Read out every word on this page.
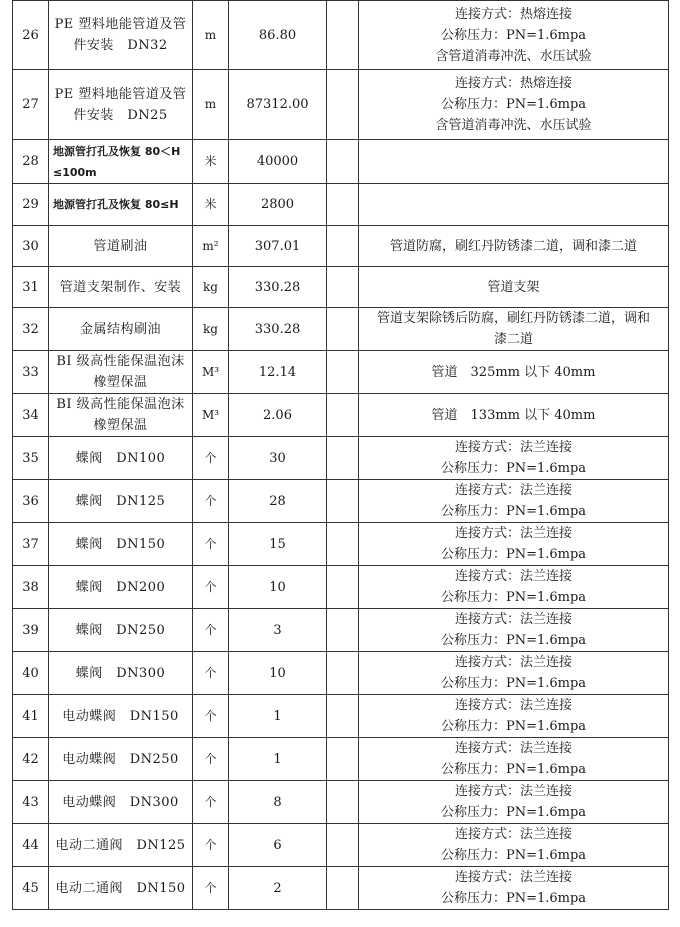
26	PE 塑料地能管道及管
件安装　DN32	m	86.80		连接方式：热熔连接
公称压力：PN=1.6mpa
含管道消毒冲洗、水压试验

27	PE 塑料地能管道及管
件安装　DN25	m	87312.00		连接方式：热熔连接
公称压力：PN=1.6mpa
含管道消毒冲洗、水压试验

28	地源管打孔及恢复 80＜H
≤100m	米	40000		
29	地源管打孔及恢复 80≤H	米	2800		
30	管道刷油	m²	307.01		管道防腐，刷红丹防锈漆二道，调和漆二道

31	管道支架制作、安装	kg	330.28		管道支架

32	金属结构刷油	kg	330.28		管道支架除锈后防腐，刷红丹防锈漆二道，调和
漆二道

33	BI 级高性能保温泡沫
橡塑保温	M³	12.14		管道　325mm 以下 40mm

34	BI 级高性能保温泡沫
橡塑保温	M³	2.06		管道　133mm 以下 40mm

35	蝶阀　DN100	个	30		连接方式：法兰连接
公称压力：PN=1.6mpa

36	蝶阀　DN125	个	28		连接方式：法兰连接
公称压力：PN=1.6mpa

37	蝶阀　DN150	个	15		连接方式：法兰连接
公称压力：PN=1.6mpa

38	蝶阀　DN200	个	10		连接方式：法兰连接
公称压力：PN=1.6mpa

39	蝶阀　DN250	个	3		连接方式：法兰连接
公称压力：PN=1.6mpa

40	蝶阀　DN300	个	10		连接方式：法兰连接
公称压力：PN=1.6mpa

41	电动蝶阀　DN150	个	1		连接方式：法兰连接
公称压力：PN=1.6mpa

42	电动蝶阀　DN250	个	1		连接方式：法兰连接
公称压力：PN=1.6mpa

43	电动蝶阀　DN300	个	8		连接方式：法兰连接
公称压力：PN=1.6mpa

44	电动二通阀　DN125	个	6		连接方式：法兰连接
公称压力：PN=1.6mpa

45	电动二通阀　DN150	个	2		连接方式：法兰连接
公称压力：PN=1.6mpa
